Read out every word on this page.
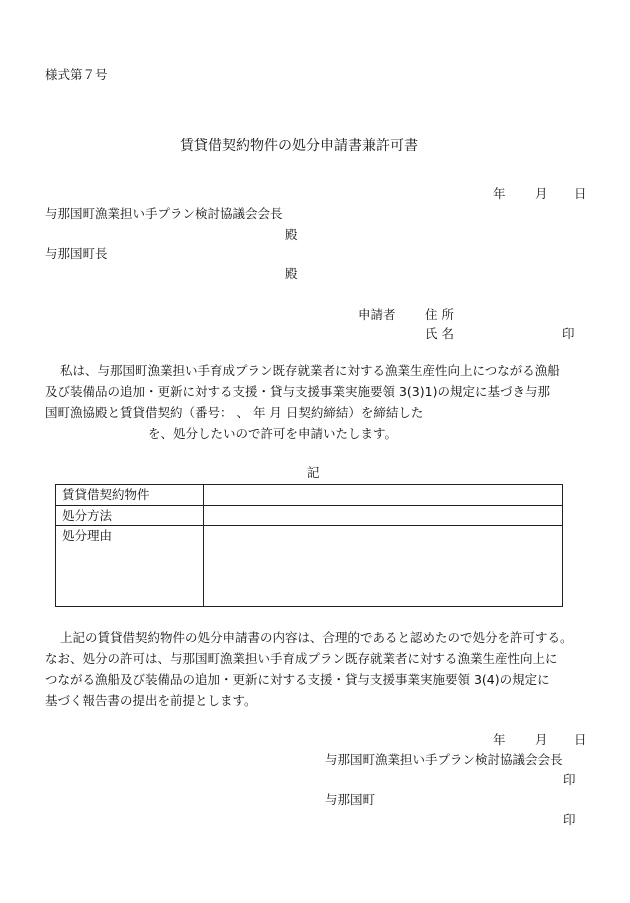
様式第７号
賃貸借契約物件の処分申請書兼許可書
年 月 日
与那国町漁業担い手プラン検討協議会会長
殿
与那国町長
殿
申請者 住 所
氏 名	印
私は、与那国町漁業担い手育成プラン既存就業者に対する漁業生産性向上につながる漁船
及び装備品の追加・更新に対する支援・貸与支援事業実施要領 3(3)1)の規定に基づき与那
国町漁協殿と賃貸借契約（番号： 、 年 月 日契約締結）を締結した
を、処分したいので許可を申請いたします。
記
賃貸借契約物件	
処分方法	
処分理由	
上記の賃貸借契約物件の処分申請書の内容は、合理的であると認めたので処分を許可する。
なお、処分の許可は、与那国町漁業担い手育成プラン既存就業者に対する漁業生産性向上に
つながる漁船及び装備品の追加・更新に対する支援・貸与支援事業実施要領 3(4)の規定に
基づく報告書の提出を前提とします。
年 月 日
与那国町漁業担い手プラン検討協議会会長
印
与那国町
印
